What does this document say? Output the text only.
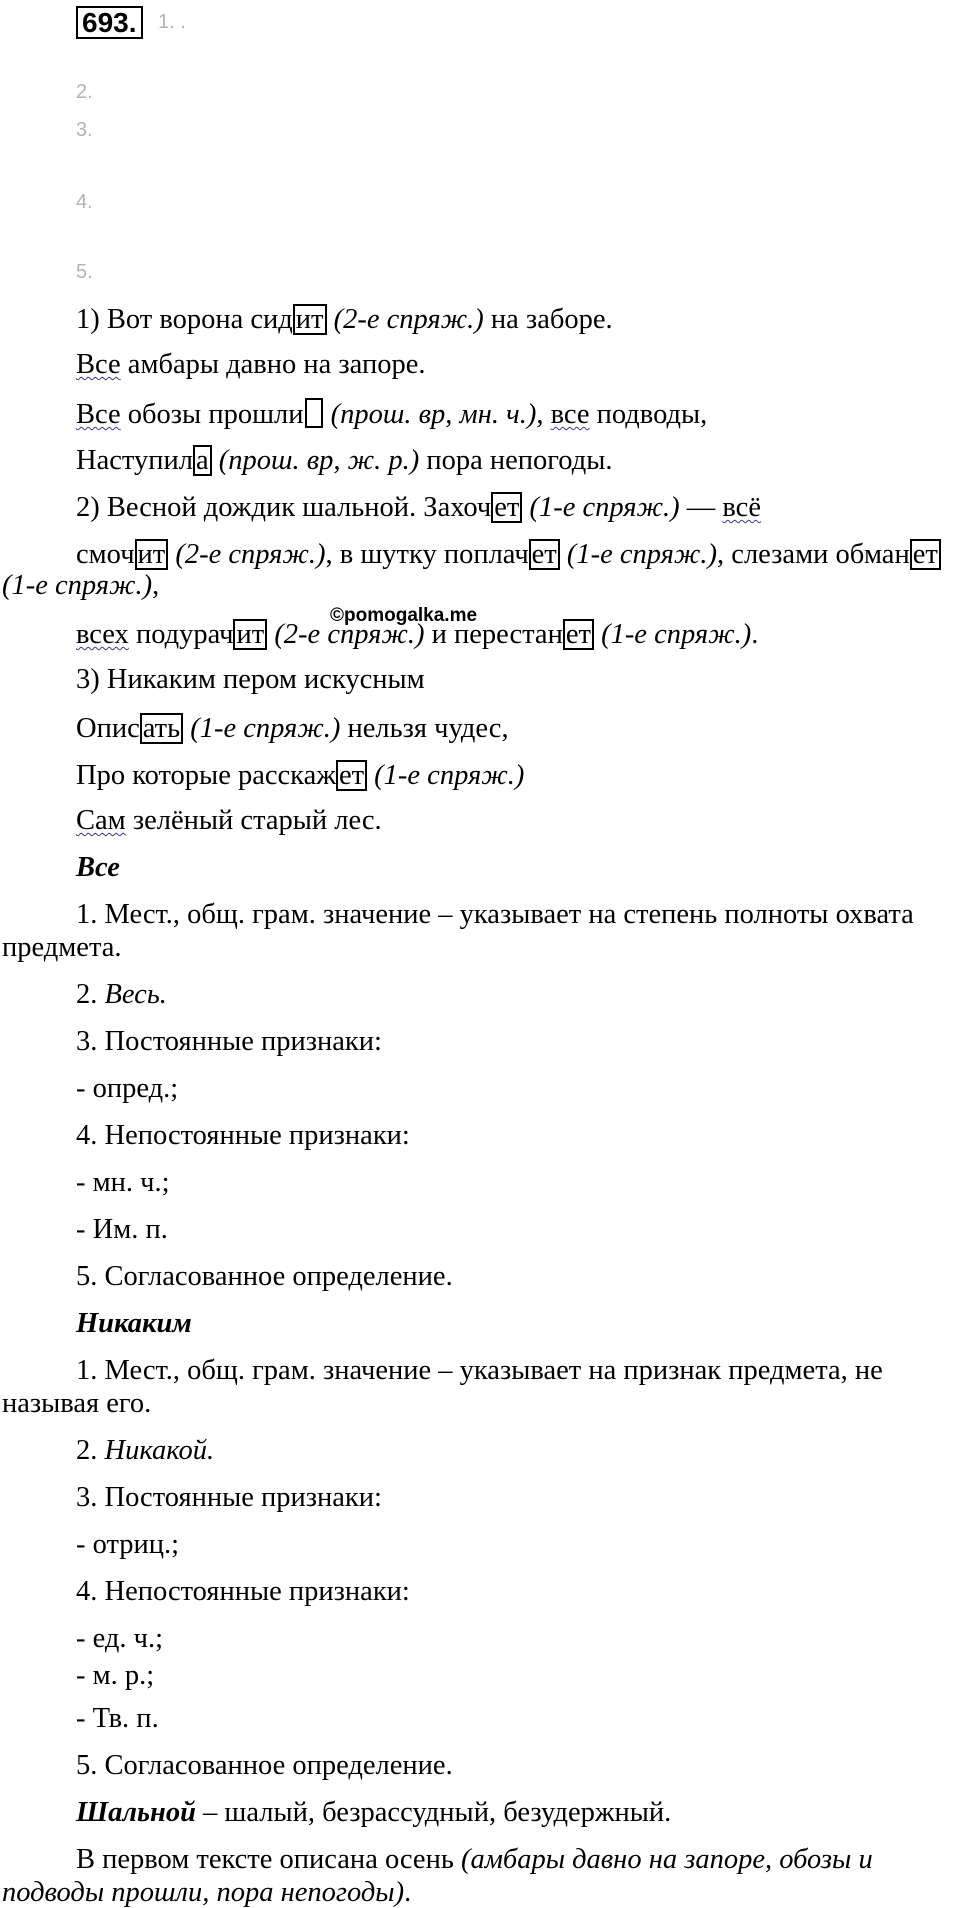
693.	1. .
2.
3.
4.
5.
1) Вот ворона сид ит (2-е спряж.) на заборе.
Все амбары давно на запоре.
Все обозы прошли (прош. вр, мн. ч.), все подводы,
Наступил а (прош. вр, ж. р.) пора непогоды.
2) Весной дождик шальной. Захоч ет (1-е спряж.) — всё
смоч ит (2-е спряж.), в шутку поплач ет (1-е спряж.), слезами обман ет
(1-е спряж.),
©pomogalka.me
всех подурач ит (2-е спряж.) и перестан ет (1-е спряж.).
3) Никаким пером искусным
Опис ать (1-е спряж.) нельзя чудес,
Про которые расскаж ет (1-е спряж.)
Сам зелёный старый лес.
Все
1. Мест., общ. грам. значение – указывает на степень полноты охвата
предмета.
2. Весь.
3. Постоянные признаки:
- опред.;
4. Непостоянные признаки:
- мн. ч.;
- Им. п.
5. Согласованное определение.
Никаким
1. Мест., общ. грам. значение – указывает на признак предмета, не
называя его.
2. Никакой.
3. Постоянные признаки:
- отриц.;
4. Непостоянные признаки:
- ед. ч.;
- м. р.;
- Тв. п.
5. Согласованное определение.
Шальной – шалый, безрассудный, безудержный.
В первом тексте описана осень (амбары давно на запоре, обозы и
подводы прошли, пора непогоды).
